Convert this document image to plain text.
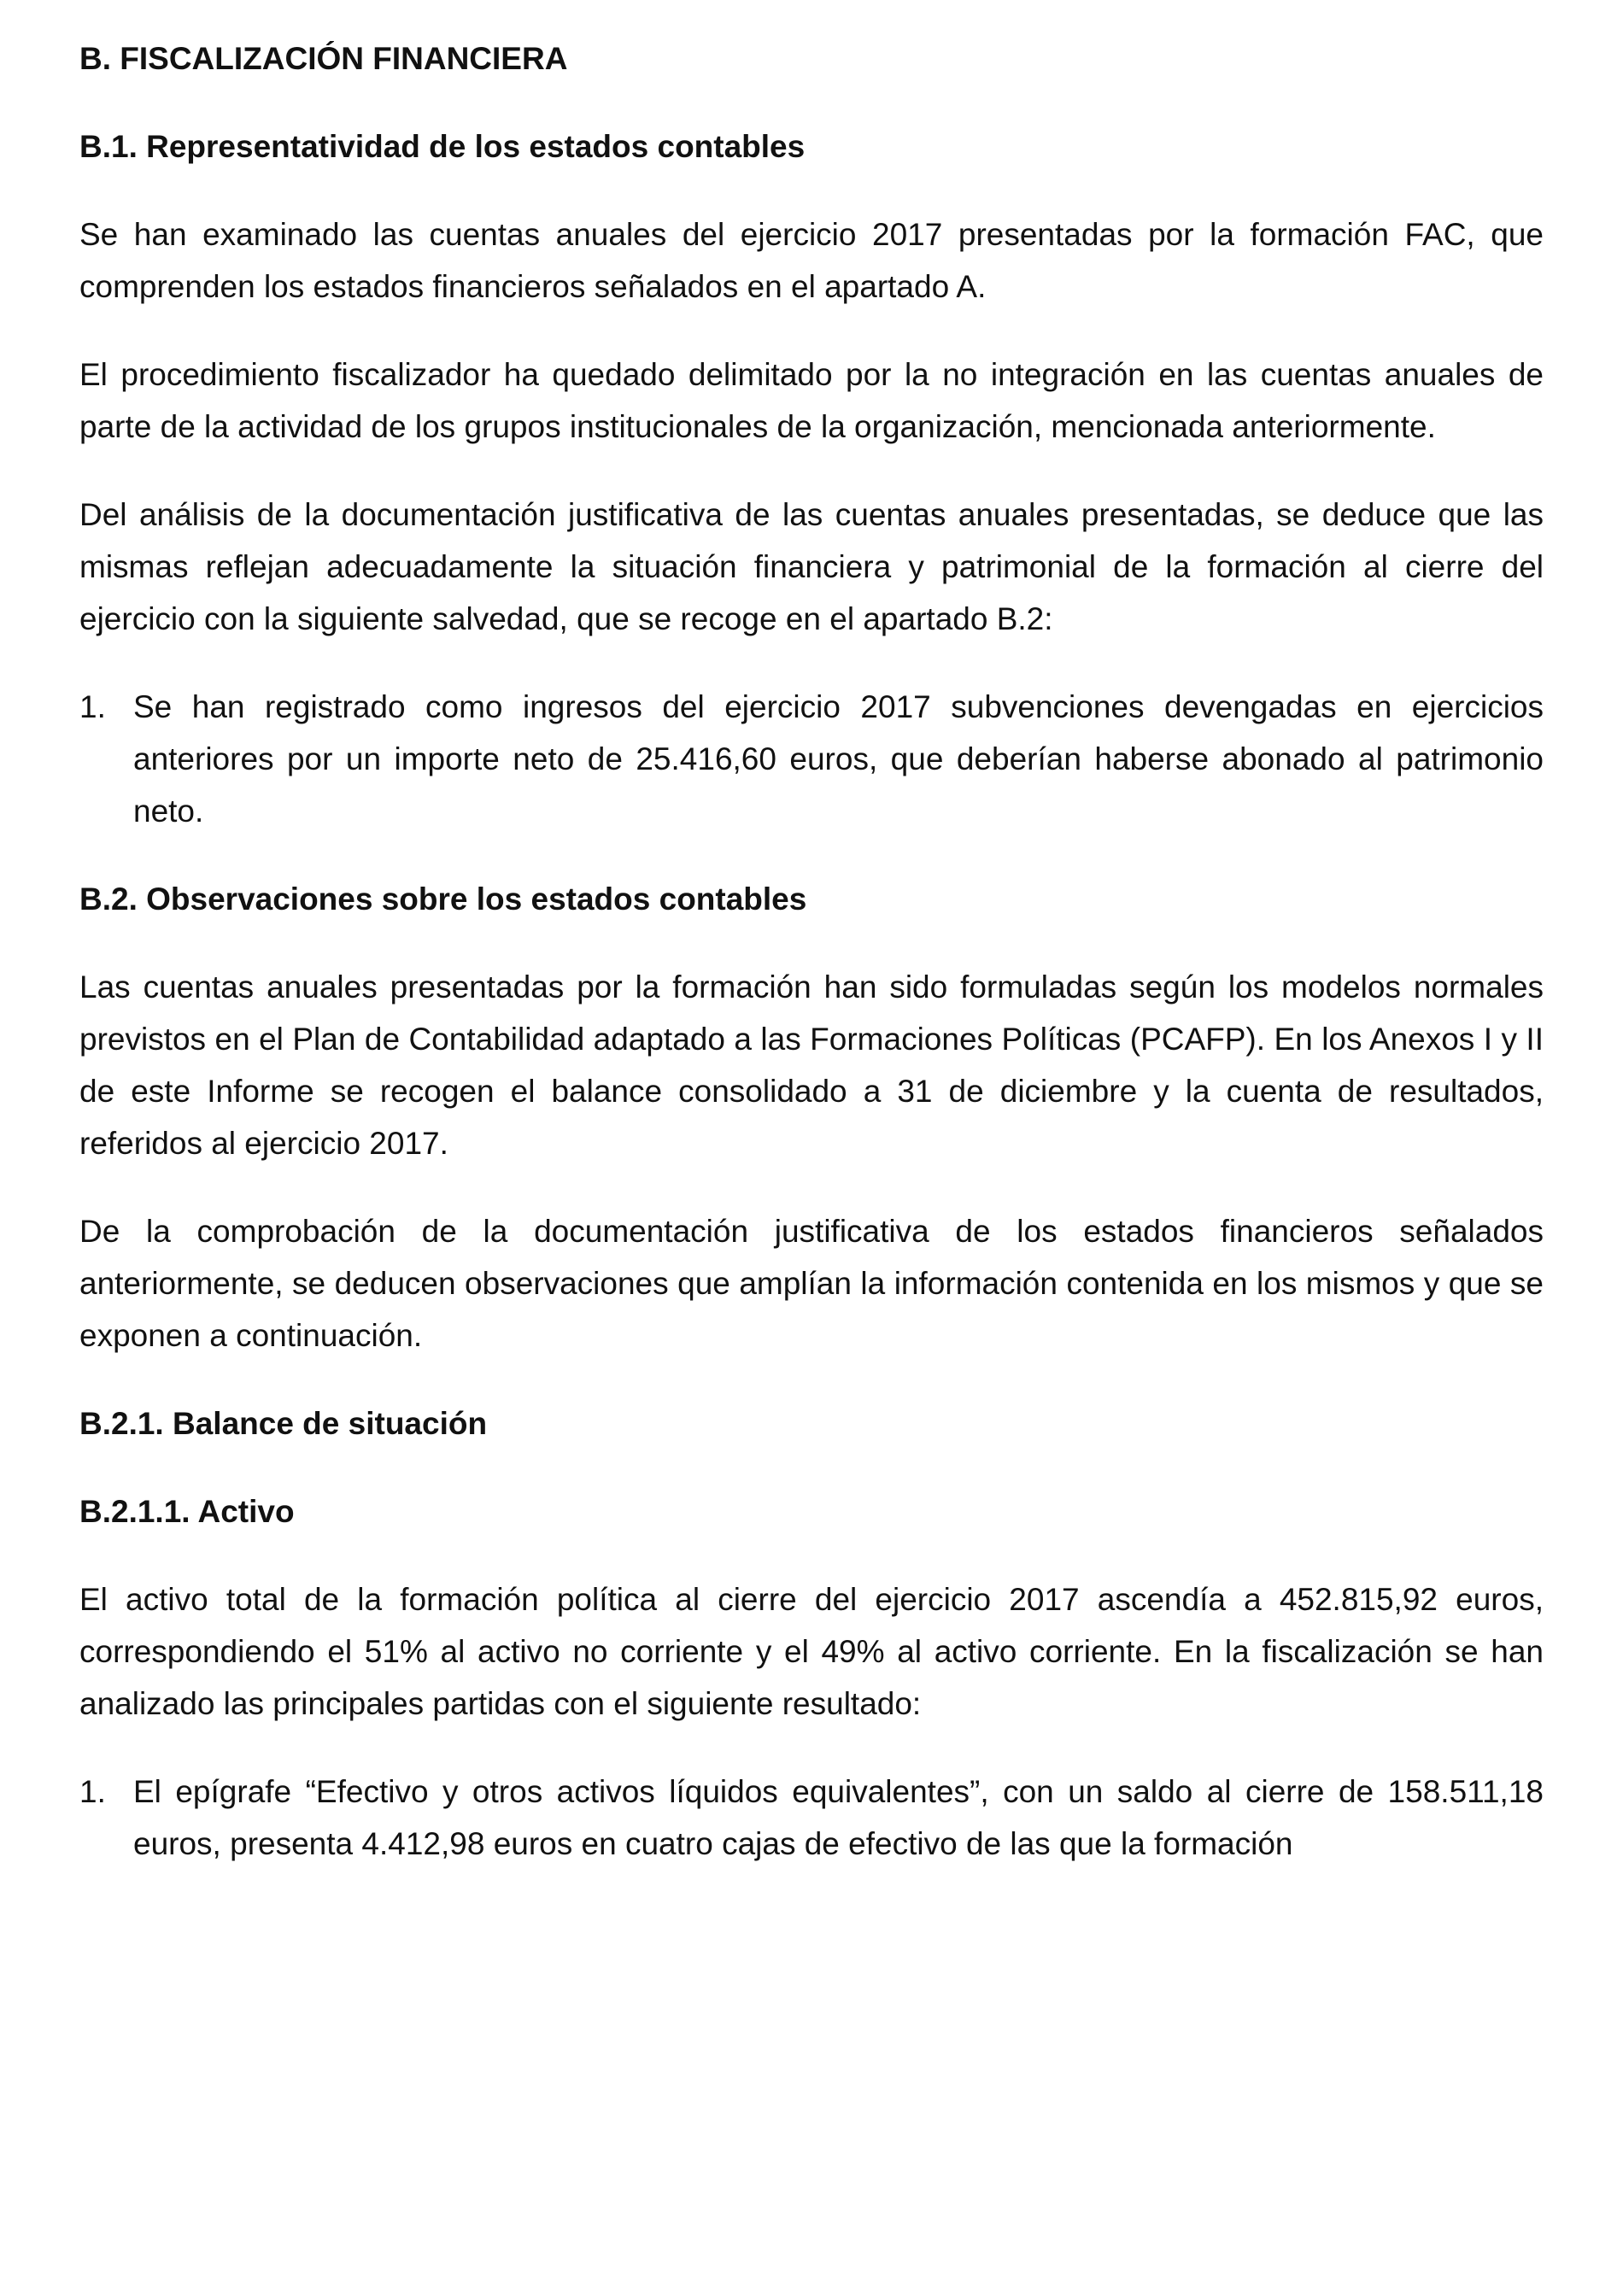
B. FISCALIZACIÓN FINANCIERA
B.1. Representatividad de los estados contables
Se han examinado las cuentas anuales del ejercicio 2017 presentadas por la formación FAC, que comprenden los estados financieros señalados en el apartado A.
El procedimiento fiscalizador ha quedado delimitado por la no integración en las cuentas anuales de parte de la actividad de los grupos institucionales de la organización, mencionada anteriormente.
Del análisis de la documentación justificativa de las cuentas anuales presentadas, se deduce que las mismas reflejan adecuadamente la situación financiera y patrimonial de la formación al cierre del ejercicio con la siguiente salvedad, que se recoge en el apartado B.2:
1. Se han registrado como ingresos del ejercicio 2017 subvenciones devengadas en ejercicios anteriores por un importe neto de 25.416,60 euros, que deberían haberse abonado al patrimonio neto.
B.2. Observaciones sobre los estados contables
Las cuentas anuales presentadas por la formación han sido formuladas según los modelos normales previstos en el Plan de Contabilidad adaptado a las Formaciones Políticas (PCAFP). En los Anexos I y II de este Informe se recogen el balance consolidado a 31 de diciembre y la cuenta de resultados, referidos al ejercicio 2017.
De la comprobación de la documentación justificativa de los estados financieros señalados anteriormente, se deducen observaciones que amplían la información contenida en los mismos y que se exponen a continuación.
B.2.1. Balance de situación
B.2.1.1. Activo
El activo total de la formación política al cierre del ejercicio 2017 ascendía a 452.815,92 euros, correspondiendo el 51% al activo no corriente y el 49% al activo corriente. En la fiscalización se han analizado las principales partidas con el siguiente resultado:
1. El epígrafe “Efectivo y otros activos líquidos equivalentes”, con un saldo al cierre de 158.511,18 euros, presenta 4.412,98 euros en cuatro cajas de efectivo de las que la formación
